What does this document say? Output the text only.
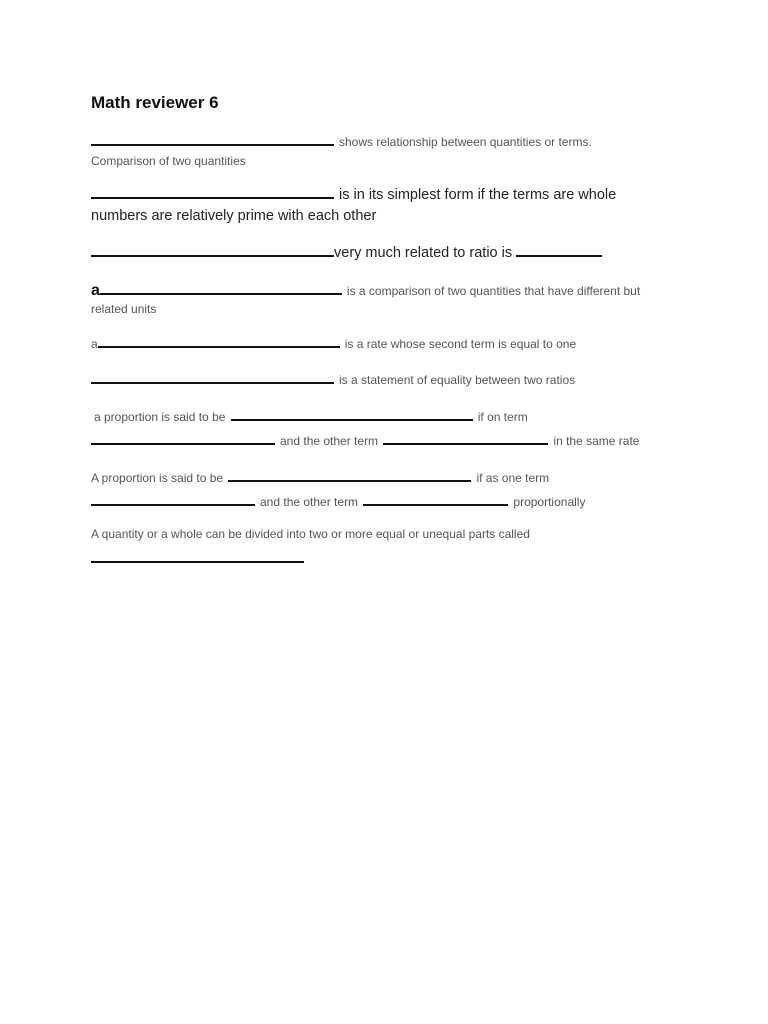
Math reviewer 6
shows relationship between quantities or terms.
Comparison of two quantities
is in its simplest form if the terms are whole
numbers are relatively prime with each other
very much related to ratio is
a	is a comparison of two quantities that have different but
related units
a	is a rate whose second term is equal to one
is a statement of equality between two ratios
a proportion is said to be	if on term
and the other term	in the same rate
A proportion is said to be	if as one term
and the other term	proportionally
A quantity or a whole can be divided into two or more equal or unequal parts called
